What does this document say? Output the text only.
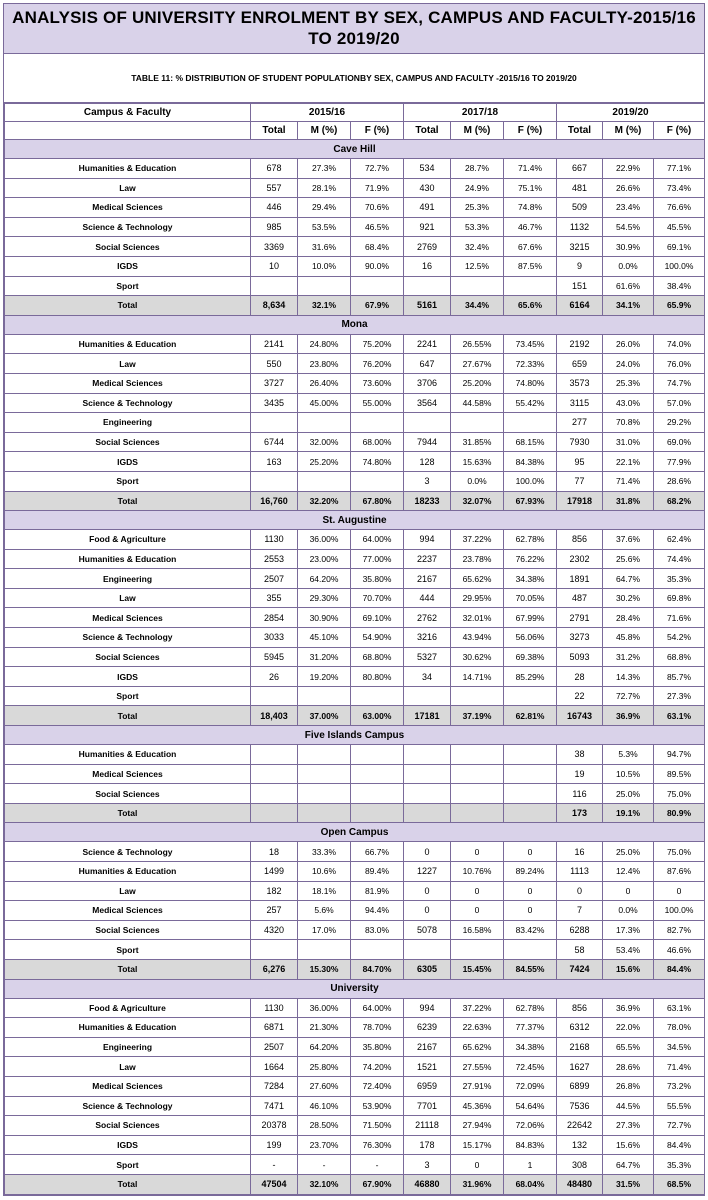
ANALYSIS OF UNIVERSITY ENROLMENT BY SEX, CAMPUS AND FACULTY-2015/16 TO 2019/20
TABLE 11: % DISTRIBUTION OF STUDENT POPULATIONBY SEX, CAMPUS AND FACULTY -2015/16 TO 2019/20
Campus & Faculty	2015/16			2017/18			2019/20		
	Total	M (%)	F (%)	Total	M (%)	F (%)	Total	M (%)	F (%)
Cave Hill									
Humanities & Education	678	27.3%	72.7%	534	28.7%	71.4%	667	22.9%	77.1%
Law	557	28.1%	71.9%	430	24.9%	75.1%	481	26.6%	73.4%
Medical Sciences	446	29.4%	70.6%	491	25.3%	74.8%	509	23.4%	76.6%
Science & Technology	985	53.5%	46.5%	921	53.3%	46.7%	1132	54.5%	45.5%
Social Sciences	3369	31.6%	68.4%	2769	32.4%	67.6%	3215	30.9%	69.1%
IGDS	10	10.0%	90.0%	16	12.5%	87.5%	9	0.0%	100.0%
Sport							151	61.6%	38.4%
Total	8,634	32.1%	67.9%	5161	34.4%	65.6%	6164	34.1%	65.9%
Mona									
Humanities & Education	2141	24.80%	75.20%	2241	26.55%	73.45%	2192	26.0%	74.0%
Law	550	23.80%	76.20%	647	27.67%	72.33%	659	24.0%	76.0%
Medical Sciences	3727	26.40%	73.60%	3706	25.20%	74.80%	3573	25.3%	74.7%
Science & Technology	3435	45.00%	55.00%	3564	44.58%	55.42%	3115	43.0%	57.0%
Engineering							277	70.8%	29.2%
Social Sciences	6744	32.00%	68.00%	7944	31.85%	68.15%	7930	31.0%	69.0%
IGDS	163	25.20%	74.80%	128	15.63%	84.38%	95	22.1%	77.9%
Sport				3	0.0%	100.0%	77	71.4%	28.6%
Total	16,760	32.20%	67.80%	18233	32.07%	67.93%	17918	31.8%	68.2%
St. Augustine									
Food & Agriculture	1130	36.00%	64.00%	994	37.22%	62.78%	856	37.6%	62.4%
Humanities & Education	2553	23.00%	77.00%	2237	23.78%	76.22%	2302	25.6%	74.4%
Engineering	2507	64.20%	35.80%	2167	65.62%	34.38%	1891	64.7%	35.3%
Law	355	29.30%	70.70%	444	29.95%	70.05%	487	30.2%	69.8%
Medical Sciences	2854	30.90%	69.10%	2762	32.01%	67.99%	2791	28.4%	71.6%
Science & Technology	3033	45.10%	54.90%	3216	43.94%	56.06%	3273	45.8%	54.2%
Social Sciences	5945	31.20%	68.80%	5327	30.62%	69.38%	5093	31.2%	68.8%
IGDS	26	19.20%	80.80%	34	14.71%	85.29%	28	14.3%	85.7%
Sport							22	72.7%	27.3%
Total	18,403	37.00%	63.00%	17181	37.19%	62.81%	16743	36.9%	63.1%
Five Islands Campus									
Humanities & Education							38	5.3%	94.7%
Medical Sciences							19	10.5%	89.5%
Social Sciences							116	25.0%	75.0%
Total							173	19.1%	80.9%
Open Campus									
Science & Technology	18	33.3%	66.7%	0	0	0	16	25.0%	75.0%
Humanities & Education	1499	10.6%	89.4%	1227	10.76%	89.24%	1113	12.4%	87.6%
Law	182	18.1%	81.9%	0	0	0	0	0	0
Medical Sciences	257	5.6%	94.4%	0	0	0	7	0.0%	100.0%
Social Sciences	4320	17.0%	83.0%	5078	16.58%	83.42%	6288	17.3%	82.7%
Sport							58	53.4%	46.6%
Total	6,276	15.30%	84.70%	6305	15.45%	84.55%	7424	15.6%	84.4%
University									
Food & Agriculture	1130	36.00%	64.00%	994	37.22%	62.78%	856	36.9%	63.1%
Humanities & Education	6871	21.30%	78.70%	6239	22.63%	77.37%	6312	22.0%	78.0%
Engineering	2507	64.20%	35.80%	2167	65.62%	34.38%	2168	65.5%	34.5%
Law	1664	25.80%	74.20%	1521	27.55%	72.45%	1627	28.6%	71.4%
Medical Sciences	7284	27.60%	72.40%	6959	27.91%	72.09%	6899	26.8%	73.2%
Science & Technology	7471	46.10%	53.90%	7701	45.36%	54.64%	7536	44.5%	55.5%
Social Sciences	20378	28.50%	71.50%	21118	27.94%	72.06%	22642	27.3%	72.7%
IGDS	199	23.70%	76.30%	178	15.17%	84.83%	132	15.6%	84.4%
Sport	-	-	-	3	0	1	308	64.7%	35.3%
Total	47504	32.10%	67.90%	46880	31.96%	68.04%	48480	31.5%	68.5%
